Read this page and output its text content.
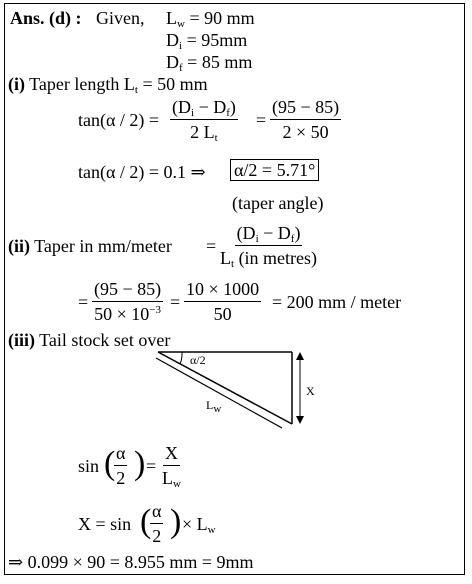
Ans. (d) : Given, $L_w = 90$ mm
$D_i = 95mm$
$D_f = 85$ mm
(i) Taper length $L_t = 50$ mm
$\tan(\alpha / 2) = \frac{(D_i - D_f)}{2 L_t} = \frac{(95 - 85)}{2 \times 50}$
tan(α / 2) = 0.1 ⇒ α/2 = 5.71°
(taper angle)
(ii) Taper in mm/meter =
$(D_i - D_f)$
$L_t$ (in metres)
= $\frac{(95 - 85)}{50 \times 10^{-3}} = \frac{10 \times 1000}{50} = 200$ mm / meter
(iii) Tail stock set over
α/2
$L_w$
X
sin (
$\frac{\alpha}{2}$ ) = $\frac{X}{L_w}$
X = sin (
$\frac{\alpha}{2}$ ) × $L_w$
⇒ 0.099 × 90 = 8.955 mm = 9mm
